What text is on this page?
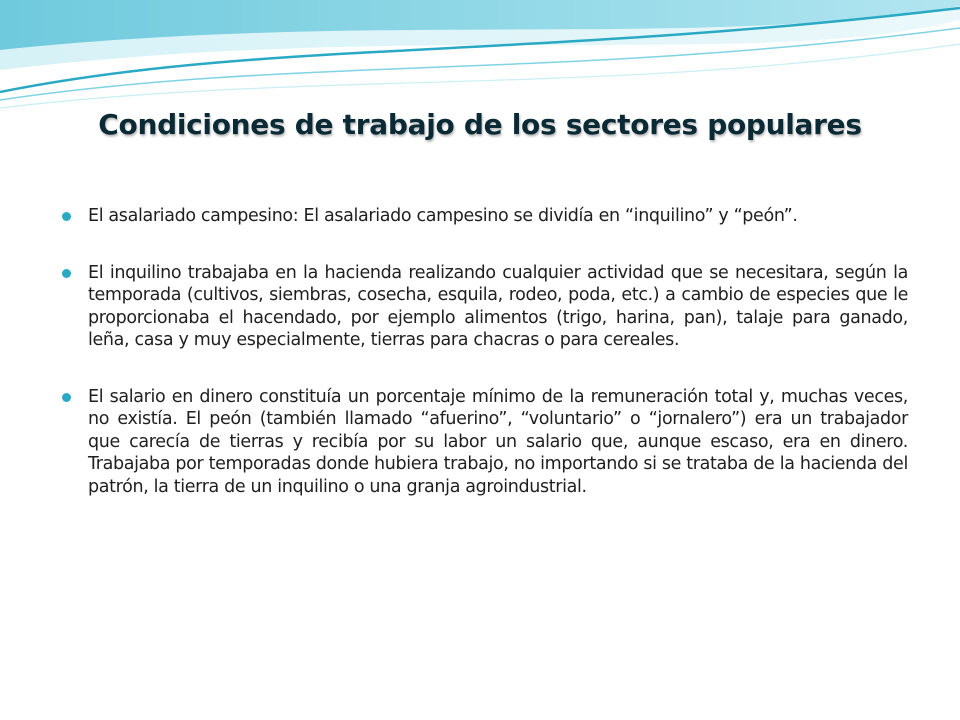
Condiciones de trabajo de los sectores populares
El asalariado campesino: El asalariado campesino se dividía en “inquilino” y “peón”.
El inquilino trabajaba en la hacienda realizando cualquier actividad que se necesitara, según la temporada (cultivos, siembras, cosecha, esquila, rodeo, poda, etc.) a cambio de especies que le proporcionaba el hacendado, por ejemplo alimentos (trigo, harina, pan), talaje para ganado, leña, casa y muy especialmente, tierras para chacras o para cereales.
El salario en dinero constituía un porcentaje mínimo de la remuneración total y, muchas veces, no existía. El peón (también llamado “afuerino”, “voluntario” o “jornalero”) era un trabajador que carecía de tierras y recibía por su labor un salario que, aunque escaso, era en dinero. Trabajaba por temporadas donde hubiera trabajo, no importando si se trataba de la hacienda del patrón, la tierra de un inquilino o una granja agroindustrial.
